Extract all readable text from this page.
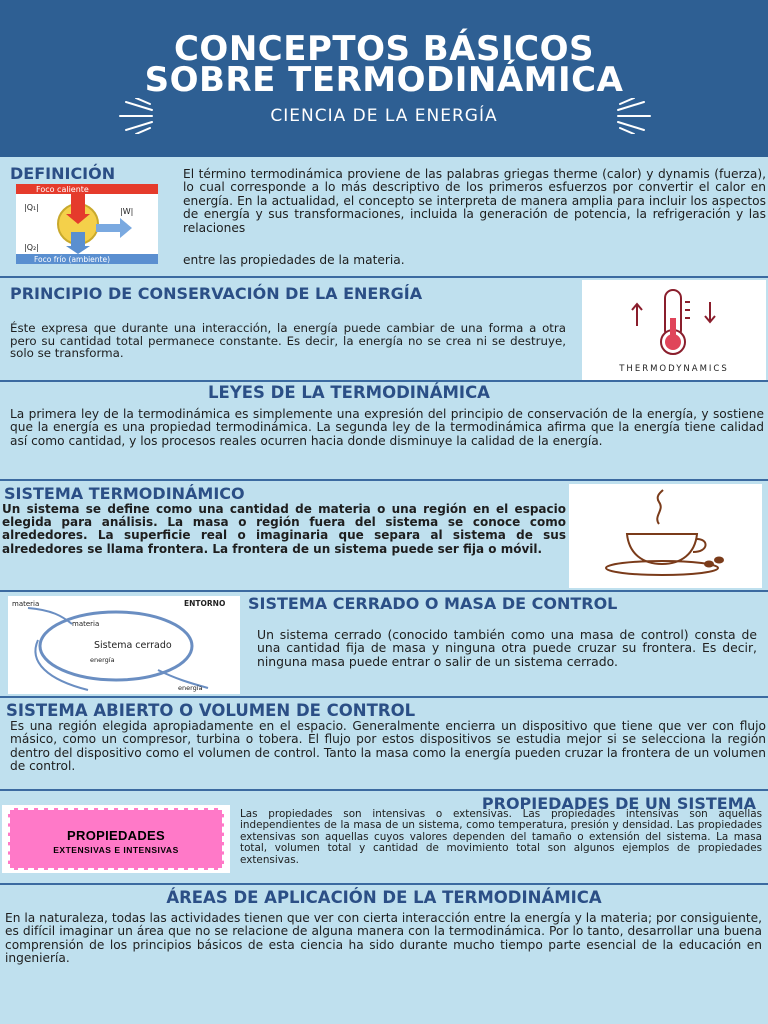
CONCEPTOS BÁSICOS
SOBRE TERMODINÁMICA
CIENCIA DE LA ENERGÍA
DEFINICIÓN
Foco caliente
|Q₁|
|Q₂|
|W|
Foco frío (ambiente)
El término termodinámica proviene de las palabras griegas therme (calor) y dynamis (fuerza), lo cual corresponde a lo más descriptivo de los primeros esfuerzos por convertir el calor en energía. En la actualidad, el concepto se interpreta de manera amplia para incluir los aspectos de energía y sus transformaciones, incluida la generación de potencia, la refrigeración y las relaciones
entre las propiedades de la materia.
PRINCIPIO DE CONSERVACIÓN DE LA ENERGÍA
Éste expresa que durante una interacción, la energía puede cambiar de una forma a otra pero su cantidad total permanece constante. Es decir, la energía no se crea ni se destruye, solo se transforma.
THERMODYNAMICS
LEYES DE LA TERMODINÁMICA
La primera ley de la termodinámica es simplemente una expresión del principio de conservación de la energía, y sostiene que la energía es una propiedad termodinámica. La segunda ley de la termodinámica afirma que la energía tiene calidad así como cantidad, y los procesos reales ocurren hacia donde disminuye la calidad de la energía.
SISTEMA TERMODINÁMICO
Un sistema se define como una cantidad de materia o una región en el espacio elegida para análisis. La masa o región fuera del sistema se conoce como alrededores. La superficie real o imaginaria que separa al sistema de sus alrededores se llama frontera. La frontera de un sistema puede ser fija o móvil.
materia	ENTORNO
materia
Sistema cerrado
energía
energía
SISTEMA CERRADO O MASA DE CONTROL
Un sistema cerrado (conocido también como una masa de control) consta de una cantidad fija de masa y ninguna otra puede cruzar su frontera. Es decir, ninguna masa puede entrar o salir de un sistema cerrado.
SISTEMA ABIERTO O VOLUMEN DE CONTROL
Es una región elegida apropiadamente en el espacio. Generalmente encierra un dispositivo que tiene que ver con flujo másico, como un compresor, turbina o tobera. El flujo por estos dispositivos se estudia mejor si se selecciona la región dentro del dispositivo como el volumen de control. Tanto la masa como la energía pueden cruzar la frontera de un volumen de control.
PROPIEDADES
EXTENSIVAS E INTENSIVAS
PROPIEDADES DE UN SISTEMA
Las propiedades son intensivas o extensivas. Las propiedades intensivas son aquellas independientes de la masa de un sistema, como temperatura, presión y densidad. Las propiedades extensivas son aquellas cuyos valores dependen del tamaño o extensión del sistema. La masa total, volumen total y cantidad de movimiento total son algunos ejemplos de propiedades extensivas.
ÁREAS DE APLICACIÓN DE LA TERMODINÁMICA
En la naturaleza, todas las actividades tienen que ver con cierta interacción entre la energía y la materia; por consiguiente, es difícil imaginar un área que no se relacione de alguna manera con la termodinámica. Por lo tanto, desarrollar una buena comprensión de los principios básicos de esta ciencia ha sido durante mucho tiempo parte esencial de la educación en ingeniería.
